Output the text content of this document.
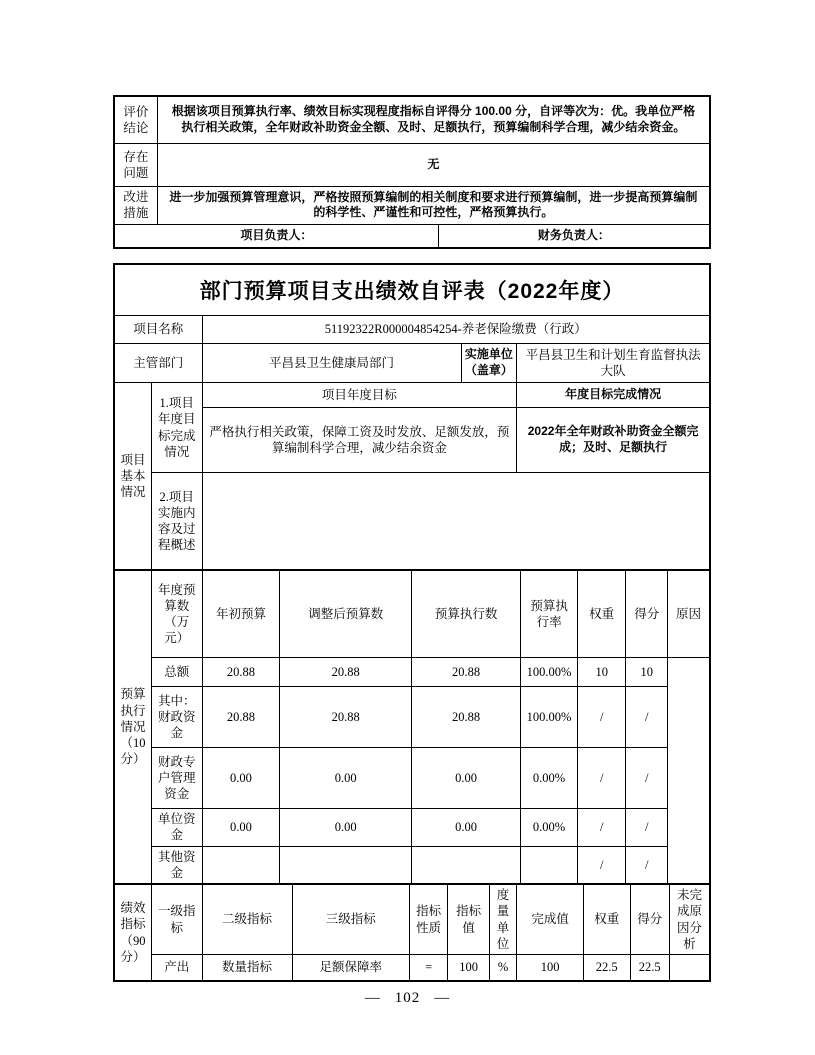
评价结论	根据该项目预算执行率、绩效目标实现程度指标自评得分 100.00 分，自评等次为：优。我单位严格执行相关政策，全年财政补助资金全额、及时、足额执行，预算编制科学合理，减少结余资金。	
存在问题	无	
改进措施	进一步加强预算管理意识，严格按照预算编制的相关制度和要求进行预算编制，进一步提高预算编制的科学性、严谨性和可控性，严格预算执行。	
项目负责人：		财务负责人：
部门预算项目支出绩效自评表（2022年度）
项目名称		51192322R000004854254-养老保险缴费（行政）		
主管部门		平昌县卫生健康局部门	实施单位（盖章）	平昌县卫生和计划生育监督执法大队
项目基本情况	1.项目年度目标完成情况	项目年度目标		年度目标完成情况
		严格执行相关政策，保障工资及时发放、足额发放，预算编制科学合理，减少结余资金		2022年全年财政补助资金全额完成；及时、足额执行
	2.项目实施内容及过程概述			
预算执行情况（10分）	年度预算数（万元）	年初预算	调整后预算数	预算执行数	预算执行率	权重	得分	原因
	总额	20.88	20.88	20.88	100.00%	10	10	
	其中：财政资金	20.88	20.88	20.88	100.00%	/	/	
	财政专户管理资金	0.00	0.00	0.00	0.00%	/	/	
	单位资金	0.00	0.00	0.00	0.00%	/	/	
	其他资金					/	/	
绩效指标（90分）	一级指标	二级指标	三级指标	指标性质	指标值	度量单位	完成值	权重	得分	未完成原因分析
	产出	数量指标	足额保障率	=	100	%	100	22.5	22.5	
— 102 —
